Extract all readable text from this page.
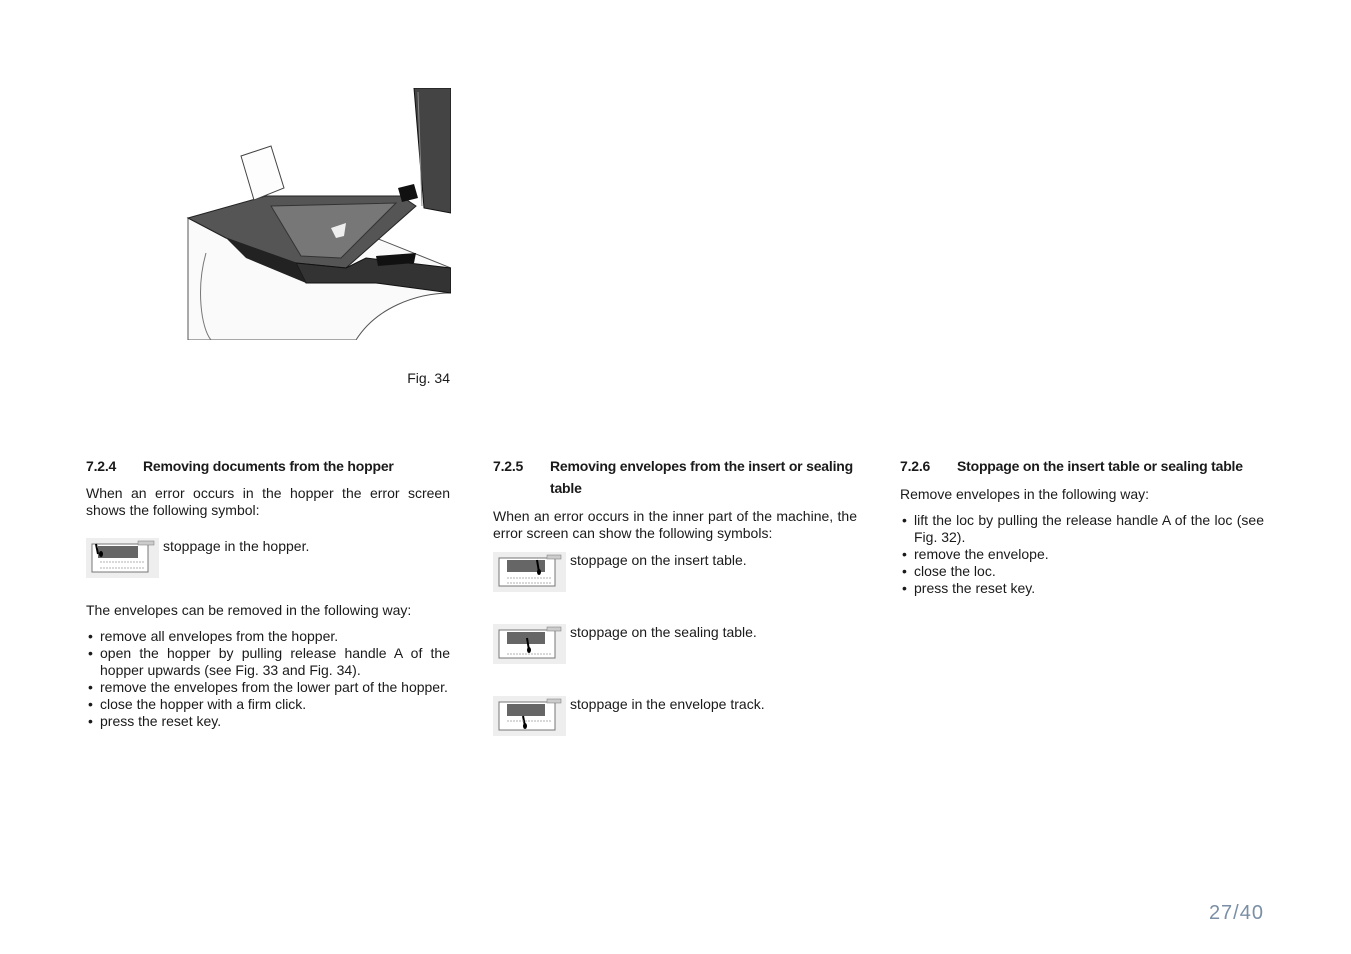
Fig. 34
7.2.4	Removing documents from the hopper

When an error occurs in the hopper the error screen shows the following symbol:

stoppage in the hopper.

The envelopes can be removed in the following way:

• remove all envelopes from the hopper.
• open the hopper by pulling release handle A of the hopper upwards (see Fig. 33 and Fig. 34).
• remove the envelopes from the lower part of the hopper.
• close the hopper with a firm click.
• press the reset key.
7.2.5	Removing envelopes from the insert or sealing table

When an error occurs in the inner part of the machine, the error screen can show the following symbols:

stoppage on the insert table.
stoppage on the sealing table.
stoppage in the envelope track.
7.2.6	Stoppage on the insert table or sealing table

Remove envelopes in the following way:

• lift the loc by pulling the release handle A of the loc (see Fig. 32).
• remove the envelope.
• close the loc.
• press the reset key.
27/40
